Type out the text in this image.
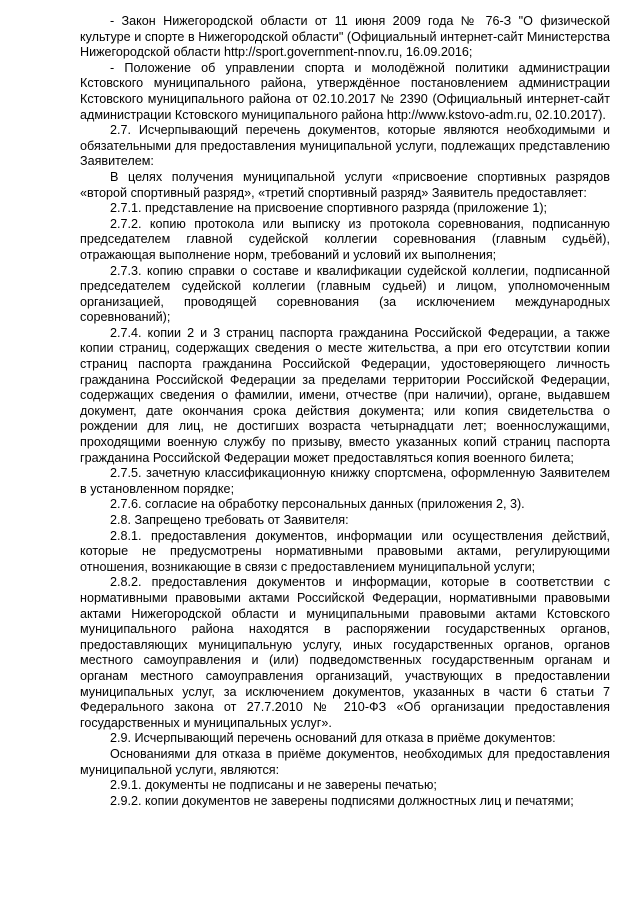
- Закон Нижегородской области от 11 июня 2009 года № 76-З "О физической культуре и спорте в Нижегородской области" (Официальный интернет-сайт Министерства Нижегородской области http://sport.government-nnov.ru, 16.09.2016;

- Положение об управлении спорта и молодёжной политики администрации Кстовского муниципального района, утверждённое постановлением администрации Кстовского муниципального района от 02.10.2017 № 2390 (Официальный интернет-сайт администрации Кстовского муниципального района http://www.kstovo-adm.ru, 02.10.2017).

2.7. Исчерпывающий перечень документов, которые являются необходимыми и обязательными для предоставления муниципальной услуги, подлежащих представлению Заявителем:

В целях получения муниципальной услуги «присвоение спортивных разрядов «второй спортивный разряд», «третий спортивный разряд» Заявитель предоставляет:

2.7.1. представление на присвоение спортивного разряда (приложение 1);

2.7.2. копию протокола или выписку из протокола соревнования, подписанную председателем главной судейской коллегии соревнования (главным судьёй), отражающая выполнение норм, требований и условий их выполнения;

2.7.3. копию справки о составе и квалификации судейской коллегии, подписанной председателем судейской коллегии (главным судьей) и лицом, уполномоченным организацией, проводящей соревнования (за исключением международных соревнований);

2.7.4. копии 2 и 3 страниц паспорта гражданина Российской Федерации, а также копии страниц, содержащих сведения о месте жительства, а при его отсутствии копии страниц паспорта гражданина Российской Федерации, удостоверяющего личность гражданина Российской Федерации за пределами территории Российской Федерации, содержащих сведения о фамилии, имени, отчестве (при наличии), органе, выдавшем документ, дате окончания срока действия документа; или копия свидетельства о рождении для лиц, не достигших возраста четырнадцати лет; военнослужащими, проходящими военную службу по призыву, вместо указанных копий страниц паспорта гражданина Российской Федерации может предоставляться копия военного билета;

2.7.5. зачетную классификационную книжку спортсмена, оформленную Заявителем в установленном порядке;

2.7.6. согласие на обработку персональных данных (приложения 2, 3).

2.8. Запрещено требовать от Заявителя:

2.8.1. предоставления документов, информации или осуществления действий, которые не предусмотрены нормативными правовыми актами, регулирующими отношения, возникающие в связи с предоставлением муниципальной услуги;

2.8.2. предоставления документов и информации, которые в соответствии с нормативными правовыми актами Российской Федерации, нормативными правовыми актами Нижегородской области и муниципальными правовыми актами Кстовского муниципального района находятся в распоряжении государственных органов, предоставляющих муниципальную услугу, иных государственных органов, органов местного самоуправления и (или) подведомственных государственным органам и органам местного самоуправления организаций, участвующих в предоставлении муниципальных услуг, за исключением документов, указанных в части 6 статьи 7 Федерального закона от 27.7.2010 № 210-ФЗ «Об организации предоставления государственных и муниципальных услуг».

2.9. Исчерпывающий перечень оснований для отказа в приёме документов:

Основаниями для отказа в приёме документов, необходимых для предоставления муниципальной услуги, являются:

2.9.1. документы не подписаны и не заверены печатью;

2.9.2. копии документов не заверены подписями должностных лиц и печатями;
